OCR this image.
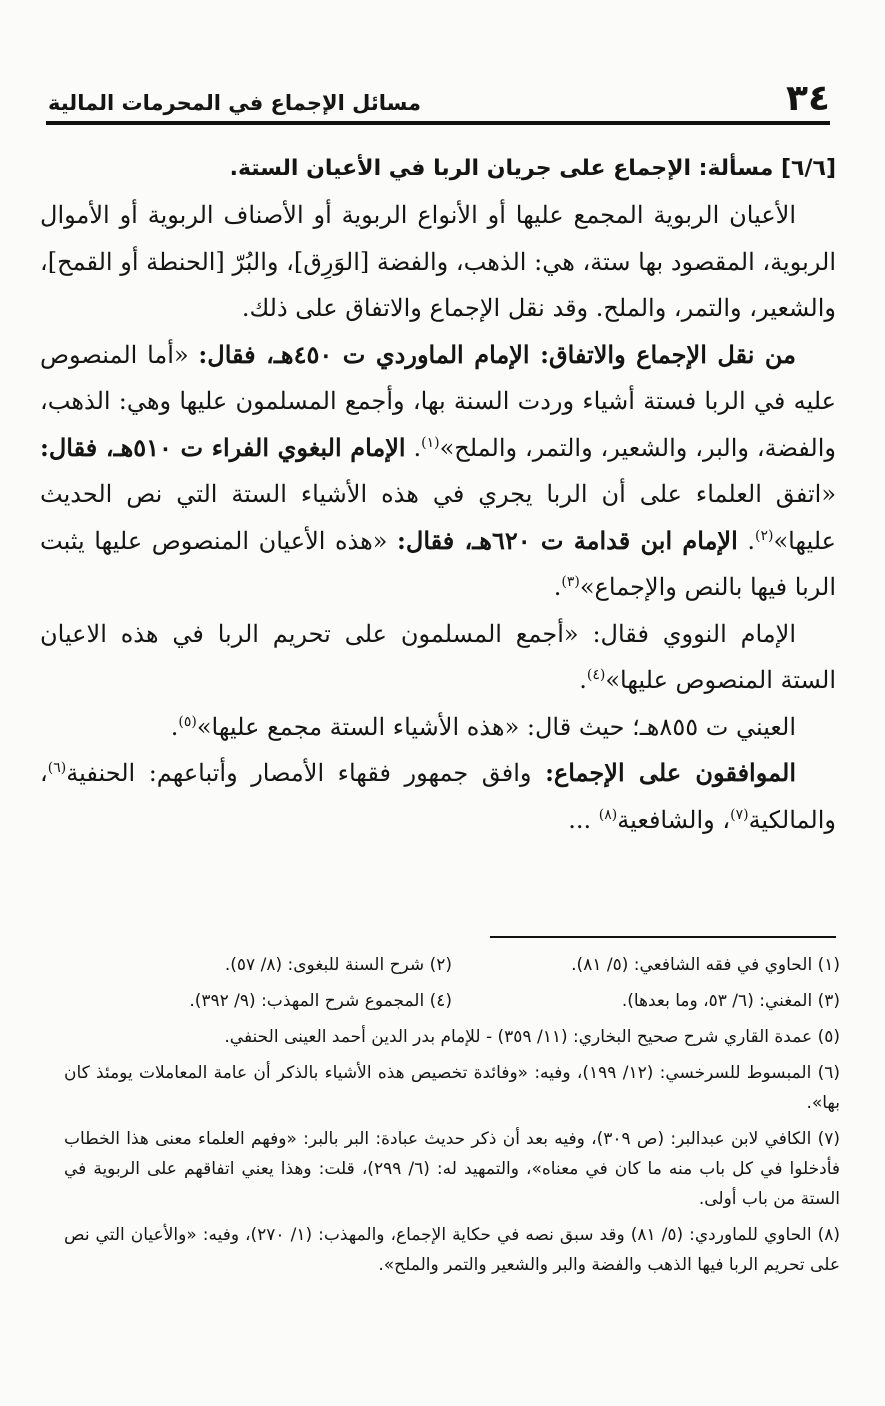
٣٤
مسائل الإجماع في المحرمات المالية

[٦/٦] مسألة: الإجماع على جريان الربا في الأعيان الستة.

الأعيان الربوية المجمع عليها أو الأنواع الربوية أو الأصناف الربوية أو الأموال الربوية، المقصود بها ستة، هي: الذهب، والفضة [الوَرِق]، والبُرّ [الحنطة أو القمح]، والشعير، والتمر، والملح. وقد نقل الإجماع والاتفاق على ذلك.

من نقل الإجماع والاتفاق: الإمام الماوردي ت ٤٥٠هـ، فقال: «أما المنصوص عليه في الربا فستة أشياء وردت السنة بها، وأجمع المسلمون عليها وهي: الذهب، والفضة، والبر، والشعير، والتمر، والملح»$^{(١)}$. الإمام البغوي الفراء ت ٥١٠هـ، فقال: «اتفق العلماء على أن الربا يجري في هذه الأشياء الستة التي نص الحديث عليها»$^{(٢)}$. الإمام ابن قدامة ت ٦٢٠هـ، فقال: «هذه الأعيان المنصوص عليها يثبت الربا فيها بالنص والإجماع»$^{(٣)}$.

الإمام النووي فقال: «أجمع المسلمون على تحريم الربا في هذه الاعيان الستة المنصوص عليها»$^{(٤)}$.

العيني ت ٨٥٥هـ؛ حيث قال: «هذه الأشياء الستة مجمع عليها»$^{(٥)}$.

الموافقون على الإجماع: وافق جمهور فقهاء الأمصار وأتباعهم: الحنفية$^{(٦)}$، والمالكية$^{(٧)}$، والشافعية$^{(٨)}$ ...

(١) الحاوي في فقه الشافعي: (٥/ ٨١).
(٢) شرح السنة للبغوى: (٨/ ٥٧).
(٣) المغني: (٦/ ٥٣، وما بعدها).
(٤) المجموع شرح المهذب: (٩/ ٣٩٢).

(٥) عمدة القاري شرح صحيح البخاري: (١١/ ٣٥٩) - للإمام بدر الدين أحمد العينى الحنفي.

(٦) المبسوط للسرخسي: (١٢/ ١٩٩)، وفيه: «وفائدة تخصيص هذه الأشياء بالذكر أن عامة المعاملات يومئذ كان بها».

(٧) الكافي لابن عبدالبر: (ص ٣٠٩)، وفيه بعد أن ذكر حديث عبادة: البر بالبر: «وفهم العلماء معنى هذا الخطاب فأدخلوا في كل باب منه ما كان في معناه»، والتمهيد له: (٦/ ٢٩٩)، قلت: وهذا يعني اتفاقهم على الربوية في الستة من باب أولى.

(٨) الحاوي للماوردي: (٥/ ٨١) وقد سبق نصه في حكاية الإجماع، والمهذب: (١/ ٢٧٠)، وفيه: «والأعيان التي نص على تحريم الربا فيها الذهب والفضة والبر والشعير والتمر والملح».
